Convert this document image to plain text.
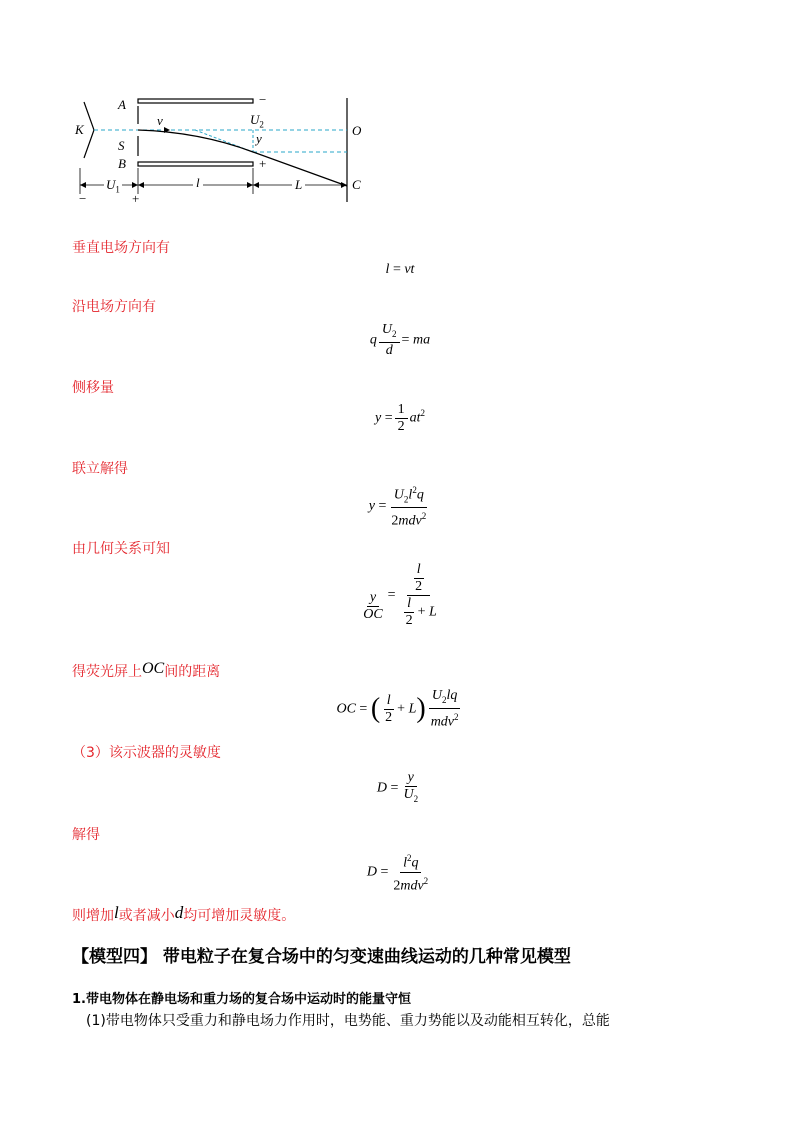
A	−
K
v	$U_2$	O
S	y
B	+
$U_1$	l	L	C
−	+
垂直电场方向有
l = vt
沿电场方向有
q $\frac{U_2}{d}$ = ma
侧移量
$y = \frac{1}{2} at^2$
联立解得
$y = \frac{U_2l^2q}{2mdv^2}$
由几何关系可知
$\frac{y}{OC} = \frac{\frac{l}{2}}{\frac{l}{2} + L}$
得荧光屏上OC间的距离
OC = ( $\frac{l}{2} + L) \frac{U_2lq}{mdv^2}$
（3）该示波器的灵敏度
$D = \frac{y}{U_2}$
解得
$D = \frac{l^2q}{2mdv^2}$
则增加l或者减小d均可增加灵敏度。
【模型四】 带电粒子在复合场中的匀变速曲线运动的几种常见模型
1.带电物体在静电场和重力场的复合场中运动时的能量守恒
(1)带电物体只受重力和静电场力作用时，电势能、重力势能以及动能相互转化，总能
